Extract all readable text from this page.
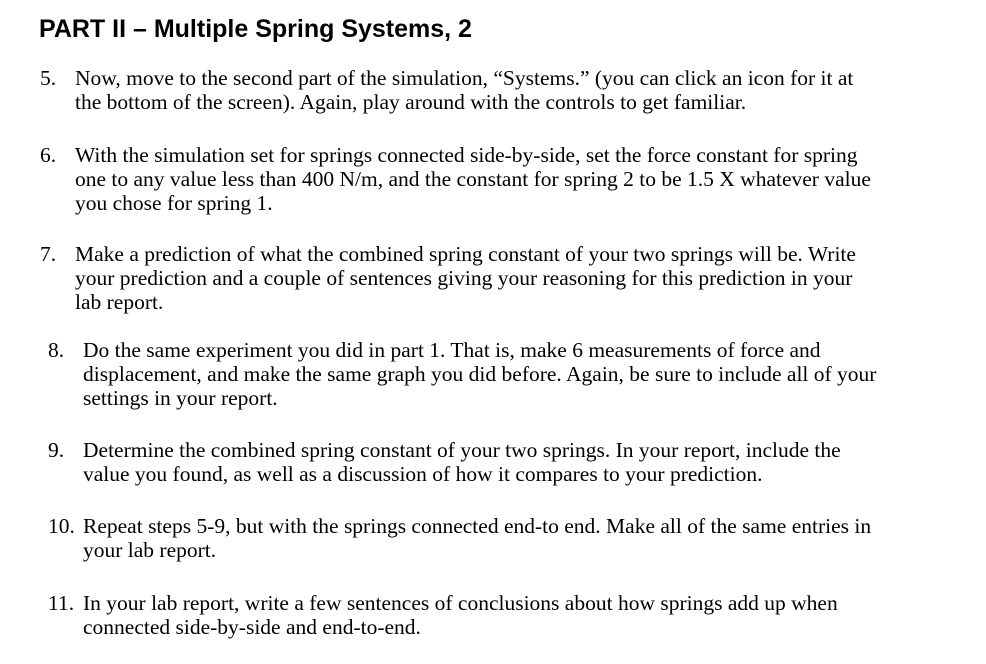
PART II – Multiple Spring Systems, 2
5. Now, move to the second part of the simulation, “Systems.” (you can click an icon for it at
the bottom of the screen). Again, play around with the controls to get familiar.
6. With the simulation set for springs connected side-by-side, set the force constant for spring
one to any value less than 400 N/m, and the constant for spring 2 to be 1.5 X whatever value
you chose for spring 1.
7. Make a prediction of what the combined spring constant of your two springs will be. Write
your prediction and a couple of sentences giving your reasoning for this prediction in your
lab report.
8. Do the same experiment you did in part 1. That is, make 6 measurements of force and
displacement, and make the same graph you did before. Again, be sure to include all of your
settings in your report.
9. Determine the combined spring constant of your two springs. In your report, include the
value you found, as well as a discussion of how it compares to your prediction.
10. Repeat steps 5-9, but with the springs connected end-to end. Make all of the same entries in
your lab report.
11. In your lab report, write a few sentences of conclusions about how springs add up when
connected side-by-side and end-to-end.
